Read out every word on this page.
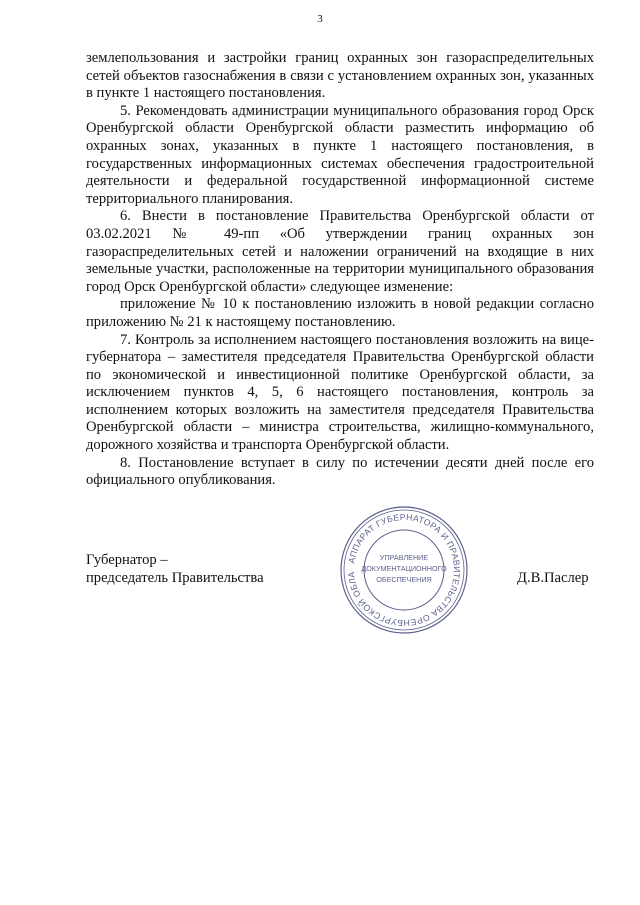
3

землепользования и застройки границ охранных зон газораспределительных сетей объектов газоснабжения в связи с установлением охранных зон, указанных в пункте 1 настоящего постановления.

5. Рекомендовать администрации муниципального образования город Орск Оренбургской области Оренбургской области разместить информацию об охранных зонах, указанных в пункте 1 настоящего постановления, в государственных информационных системах обеспечения градостроительной деятельности и федеральной государственной информационной системе территориального планирования.

6. Внести в постановление Правительства Оренбургской области от 03.02.2021 № 49-пп «Об утверждении границ охранных зон газораспределительных сетей и наложении ограничений на входящие в них земельные участки, расположенные на территории муниципального образования город Орск Оренбургской области» следующее изменение:

приложение № 10 к постановлению изложить в новой редакции согласно приложению № 21 к настоящему постановлению.

7. Контроль за исполнением настоящего постановления возложить на вице-губернатора – заместителя председателя Правительства Оренбургской области по экономической и инвестиционной политике Оренбургской области, за исключением пунктов 4, 5, 6 настоящего постановления, контроль за исполнением которых возложить на заместителя председателя Правительства Оренбургской области – министра строительства, жилищно-коммунального, дорожного хозяйства и транспорта Оренбургской области.

8. Постановление вступает в силу по истечении десяти дней после его официального опубликования.

Губернатор –
председатель Правительства	Д.В.Паслер
АППАРАТ ГУБЕРНАТОРА И ПРАВИТЕЛЬСТВА ОРЕНБУРГСКОЙ ОБЛА
УПРАВЛЕНИЕ
ДОКУМЕНТАЦИОННОГО
ОБЕСПЕЧЕНИЯ
